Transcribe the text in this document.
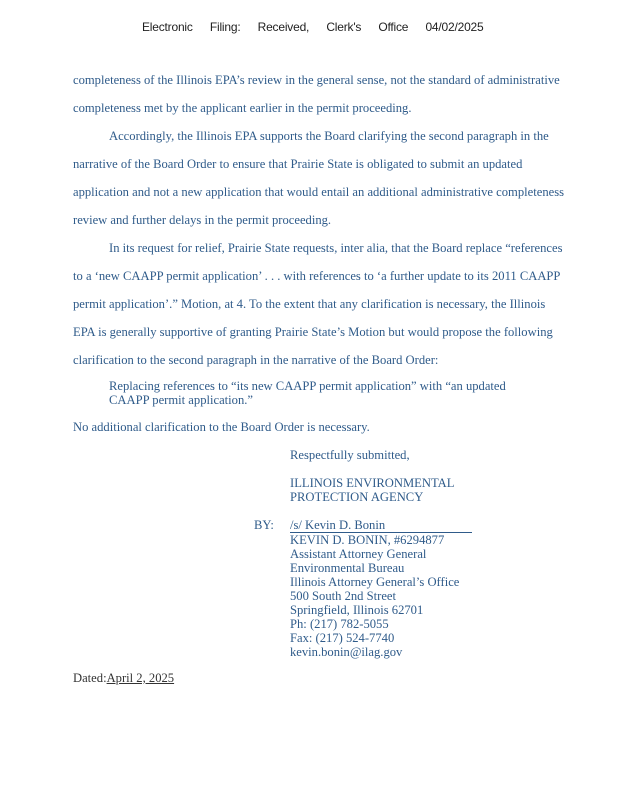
Electronic Filing: Received, Clerk's Office 04/02/2025
completeness of the Illinois EPA’s review in the general sense, not the standard of administrative
completeness met by the applicant earlier in the permit proceeding.
Accordingly, the Illinois EPA supports the Board clarifying the second paragraph in the
narrative of the Board Order to ensure that Prairie State is obligated to submit an updated
application and not a new application that would entail an additional administrative completeness
review and further delays in the permit proceeding.
In its request for relief, Prairie State requests, inter alia, that the Board replace “references
to a ‘new CAAPP permit application’ . . . with references to ‘a further update to its 2011 CAAPP
permit application’.” Motion, at 4. To the extent that any clarification is necessary, the Illinois
EPA is generally supportive of granting Prairie State’s Motion but would propose the following
clarification to the second paragraph in the narrative of the Board Order:
Replacing references to “its new CAAPP permit application” with “an updated
CAAPP permit application.”
No additional clarification to the Board Order is necessary.
Respectfully submitted,
ILLINOIS ENVIRONMENTAL
PROTECTION AGENCY
BY: /s/ Kevin D. Bonin
KEVIN D. BONIN, #6294877
Assistant Attorney General
Environmental Bureau
Illinois Attorney General’s Office
500 South 2nd Street
Springfield, Illinois 62701
Ph: (217) 782-5055
Fax: (217) 524-7740
kevin.bonin@ilag.gov
Dated:April 2, 2025
